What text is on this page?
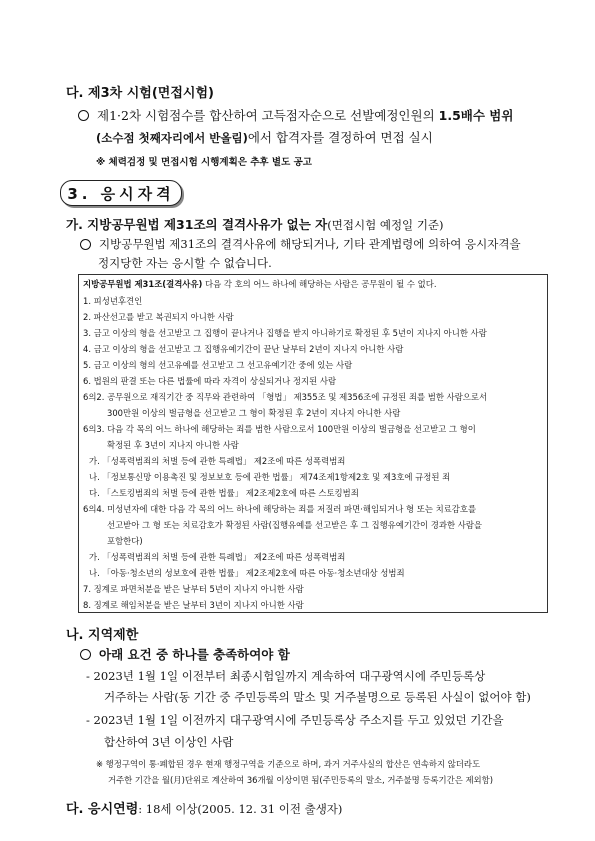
다. 제3차 시험(면접시험)
제1·2차 시험점수를 합산하여 고득점자순으로 선발예정인원의 1.5배수 범위
(소수점 첫째자리에서 반올림)에서 합격자를 결정하여 면접 실시
※ 체력검정 및 면접시험 시행계획은 추후 별도 공고
3. 응시자격
가. 지방공무원법 제31조의 결격사유가 없는 자(면접시험 예정일 기준)
지방공무원법 제31조의 결격사유에 해당되거나, 기타 관계법령에 의하여 응시자격을
정지당한 자는 응시할 수 없습니다.
지방공무원법 제31조(결격사유) 다음 각 호의 어느 하나에 해당하는 사람은 공무원이 될 수 없다.
1. 피성년후견인
2. 파산선고를 받고 복권되지 아니한 사람
3. 금고 이상의 형을 선고받고 그 집행이 끝나거나 집행을 받지 아니하기로 확정된 후 5년이 지나지 아니한 사람
4. 금고 이상의 형을 선고받고 그 집행유예기간이 끝난 날부터 2년이 지나지 아니한 사람
5. 금고 이상의 형의 선고유예를 선고받고 그 선고유예기간 중에 있는 사람
6. 법원의 판결 또는 다른 법률에 따라 자격이 상실되거나 정지된 사람
6의2. 공무원으로 재직기간 중 직무와 관련하여 「형법」 제355조 및 제356조에 규정된 죄를 범한 사람으로서
300만원 이상의 벌금형을 선고받고 그 형이 확정된 후 2년이 지나지 아니한 사람
6의3. 다음 각 목의 어느 하나에 해당하는 죄를 범한 사람으로서 100만원 이상의 벌금형을 선고받고 그 형이
확정된 후 3년이 지나지 아니한 사람
가. 「성폭력범죄의 처벌 등에 관한 특례법」 제2조에 따른 성폭력범죄
나. 「정보통신망 이용촉진 및 정보보호 등에 관한 법률」 제74조제1항제2호 및 제3호에 규정된 죄
다. 「스토킹범죄의 처벌 등에 관한 법률」 제2조제2호에 따른 스토킹범죄
6의4. 미성년자에 대한 다음 각 목의 어느 하나에 해당하는 죄를 저질러 파면·해임되거나 형 또는 치료감호를
선고받아 그 형 또는 치료감호가 확정된 사람(집행유예를 선고받은 후 그 집행유예기간이 경과한 사람을
포함한다)
가. 「성폭력범죄의 처벌 등에 관한 특례법」 제2조에 따른 성폭력범죄
나. 「아동·청소년의 성보호에 관한 법률」 제2조제2호에 따른 아동·청소년대상 성범죄
7. 징계로 파면처분을 받은 날부터 5년이 지나지 아니한 사람
8. 징계로 해임처분을 받은 날부터 3년이 지나지 아니한 사람
나. 지역제한
아래 요건 중 하나를 충족하여야 함
- 2023년 1월 1일 이전부터 최종시험일까지 계속하여 대구광역시에 주민등록상
거주하는 사람(동 기간 중 주민등록의 말소 및 거주불명으로 등록된 사실이 없어야 함)
- 2023년 1월 1일 이전까지 대구광역시에 주민등록상 주소지를 두고 있었던 기간을
합산하여 3년 이상인 사람
※ 행정구역이 통·폐합된 경우 현재 행정구역을 기준으로 하며, 과거 거주사실의 합산은 연속하지 않더라도
거주한 기간을 월(月)단위로 계산하여 36개월 이상이면 됨(주민등록의 말소, 거주불명 등록기간은 제외함)
다. 응시연령: 18세 이상(2005. 12. 31 이전 출생자)
